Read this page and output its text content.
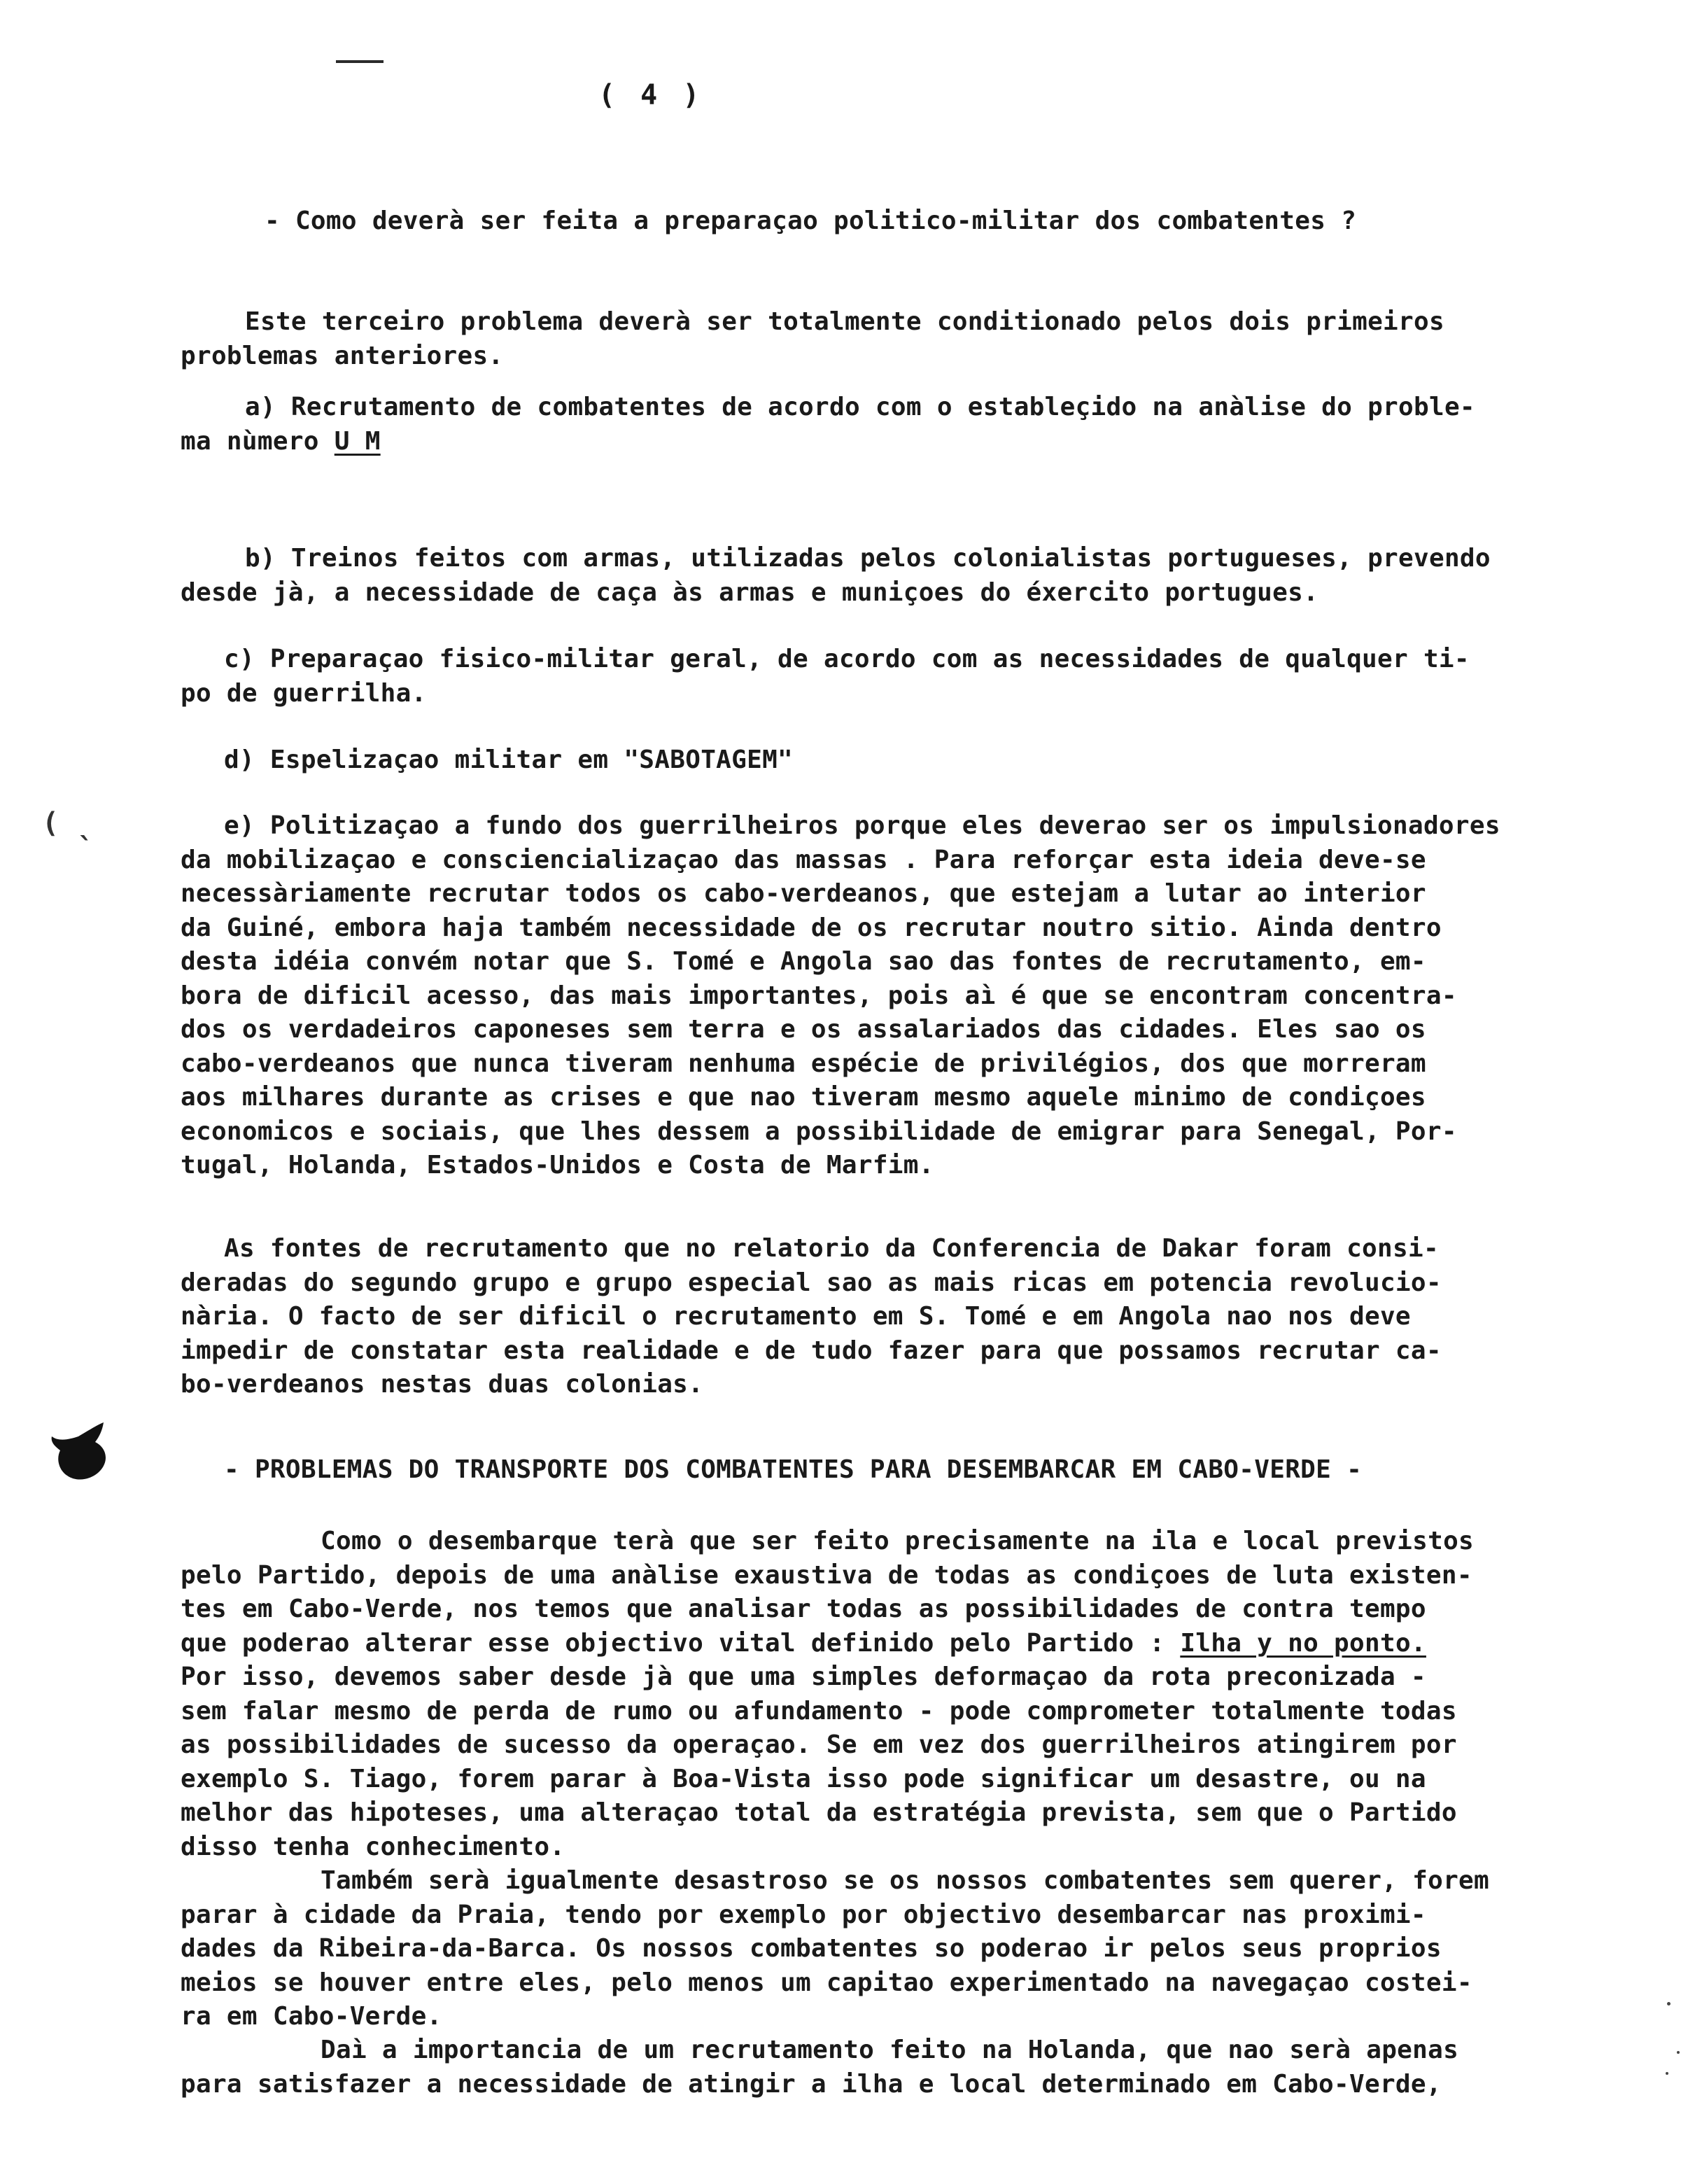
( 4 )
( ˎ

- Como deverà ser feita a preparaçao politico-militar dos combatentes ?

Este terceiro problema deverà ser totalmente conditionado pelos dois primeiros

problemas anteriores.

a) Recrutamento de combatentes de acordo com o estableçido na anàlise do proble-

ma nùmero U M

b) Treinos feitos com armas, utilizadas pelos colonialistas portugueses, prevendo

desde jà, a necessidade de caça às armas e muniçoes do éxercito portugues.

c) Preparaçao fisico-militar geral, de acordo com as necessidades de qualquer ti-

po de guerrilha.

d) Espelizaçao militar em "SABOTAGEM"

e) Politizaçao a fundo dos guerrilheiros porque eles deverao ser os impulsionadores

da mobilizaçao e consciencializaçao das massas . Para reforçar esta ideia deve-se

necessàriamente recrutar todos os cabo-verdeanos, que estejam a lutar ao interior

da Guiné, embora haja também necessidade de os recrutar noutro sitio. Ainda dentro

desta idéia convém notar que S. Tomé e Angola sao das fontes de recrutamento, em-

bora de dificil acesso, das mais importantes, pois aì é que se encontram concentra-

dos os verdadeiros caponeses sem terra e os assalariados das cidades. Eles sao os

cabo-verdeanos que nunca tiveram nenhuma espécie de privilégios, dos que morreram

aos milhares durante as crises e que nao tiveram mesmo aquele minimo de condiçoes

economicos e sociais, que lhes dessem a possibilidade de emigrar para Senegal, Por-

tugal, Holanda, Estados-Unidos e Costa de Marfim.

As fontes de recrutamento que no relatorio da Conferencia de Dakar foram consi-

deradas do segundo grupo e grupo especial sao as mais ricas em potencia revolucio-

nària. O facto de ser dificil o recrutamento em S. Tomé e em Angola nao nos deve

impedir de constatar esta realidade e de tudo fazer para que possamos recrutar ca-

bo-verdeanos nestas duas colonias.

- PROBLEMAS DO TRANSPORTE DOS COMBATENTES PARA DESEMBARCAR EM CABO-VERDE -

Como o desembarque terà que ser feito precisamente na ila e local previstos

pelo Partido, depois de uma anàlise exaustiva de todas as condiçoes de luta existen-

tes em Cabo-Verde, nos temos que analisar todas as possibilidades de contra tempo

que poderao alterar esse objectivo vital definido pelo Partido : Ilha y no ponto.

Por isso, devemos saber desde jà que uma simples deformaçao da rota preconizada -

sem falar mesmo de perda de rumo ou afundamento - pode comprometer totalmente todas

as possibilidades de sucesso da operaçao. Se em vez dos guerrilheiros atingirem por

exemplo S. Tiago, forem parar à Boa-Vista isso pode significar um desastre, ou na

melhor das hipoteses, uma alteraçao total da estratégia prevista, sem que o Partido

disso tenha conhecimento.

Também serà igualmente desastroso se os nossos combatentes sem querer, forem

parar à cidade da Praia, tendo por exemplo por objectivo desembarcar nas proximi-

dades da Ribeira-da-Barca. Os nossos combatentes so poderao ir pelos seus proprios

meios se houver entre eles, pelo menos um capitao experimentado na navegaçao costei-

ra em Cabo-Verde.

Daì a importancia de um recrutamento feito na Holanda, que nao serà apenas

para satisfazer a necessidade de atingir a ilha e local determinado em Cabo-Verde,
